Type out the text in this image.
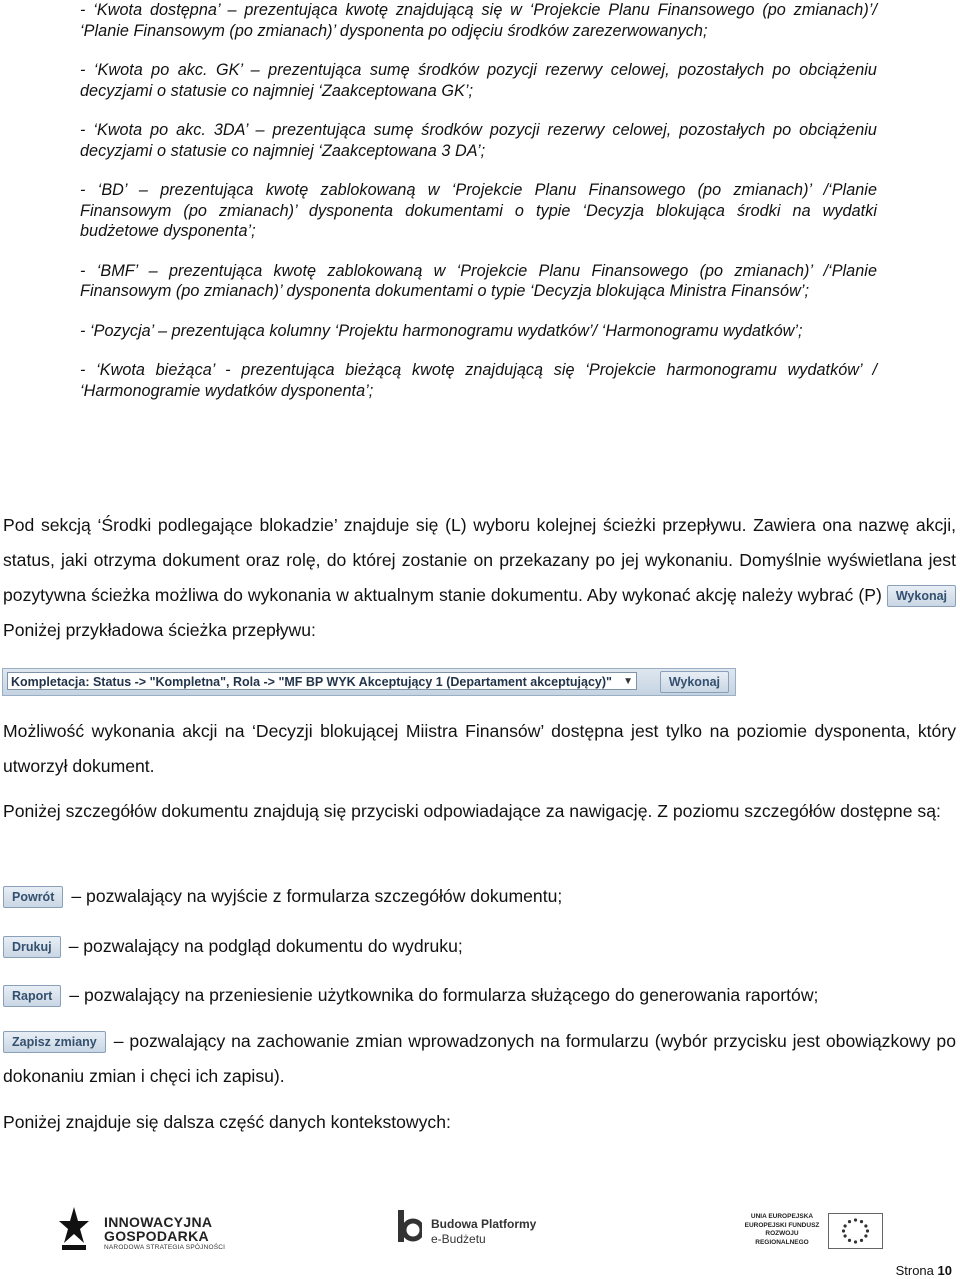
- ‘Kwota dostępna’ – prezentująca kwotę znajdującą się w ‘Projekcie Planu Finansowego (po zmianach)’/ ‘Planie Finansowym (po zmianach)’ dysponenta po odjęciu środków zarezerwowanych;

- ‘Kwota po akc. GK’ – prezentująca sumę środków pozycji rezerwy celowej, pozostałych po obciążeniu decyzjami o statusie co najmniej ‘Zaakceptowana GK’;

- ‘Kwota po akc. 3DA’ – prezentująca sumę środków pozycji rezerwy celowej, pozostałych po obciążeniu decyzjami o statusie co najmniej ‘Zaakceptowana 3 DA’;

- ‘BD’ – prezentująca kwotę zablokowaną w ‘Projekcie Planu Finansowego (po zmianach)’ /‘Planie Finansowym (po zmianach)’ dysponenta dokumentami o typie ‘Decyzja blokująca środki na wydatki budżetowe dysponenta’;

- ‘BMF’ – prezentująca kwotę zablokowaną w ‘Projekcie Planu Finansowego (po zmianach)’ /‘Planie Finansowym (po zmianach)’ dysponenta dokumentami o typie ‘Decyzja blokująca Ministra Finansów’;

- ‘Pozycja’ – prezentująca kolumny ‘Projektu harmonogramu wydatków’/ ‘Harmonogramu wydatków’;

- ‘Kwota bieżąca’ - prezentująca bieżącą kwotę znajdującą się ‘Projekcie harmonogramu wydatków’ / ‘Harmonogramie wydatków dysponenta’;

Pod sekcją ‘Środki podlegające blokadzie’ znajduje się (L) wyboru kolejnej ścieżki przepływu. Zawiera ona nazwę akcji, status, jaki otrzyma dokument oraz rolę, do której zostanie on przekazany po jej wykonaniu. Domyślnie wyświetlana jest pozytywna ścieżka możliwa do wykonania w aktualnym stanie dokumentu. Aby wykonać akcję należy wybrać (P) Wykonaj Poniżej przykładowa ścieżka przepływu:

Kompletacja: Status -> "Kompletna", Rola -> "MF BP WYK Akceptujący 1 (Departament akceptujący)" ▼	Wykonaj

Możliwość wykonania akcji na ‘Decyzji blokującej Miistra Finansów’ dostępna jest tylko na poziomie dysponenta, który utworzył dokument.

Poniżej szczegółów dokumentu znajdują się przyciski odpowiadające za nawigację. Z poziomu szczegółów dostępne są:

Powrót – pozwalający na wyjście z formularza szczegółów dokumentu;
Drukuj – pozwalający na podgląd dokumentu do wydruku;
Raport – pozwalający na przeniesienie użytkownika do formularza służącego do generowania raportów;
Zapisz zmiany – pozwalający na zachowanie zmian wprowadzonych na formularzu (wybór przycisku jest obowiązkowy po dokonaniu zmian i chęci ich zapisu).
Poniżej znajduje się dalsza część danych kontekstowych:
INNOWACYJNA
GOSPODARKA
NARODOWA STRATEGIA SPÓJNOŚCI
Budowa Platformy
e-Budżetu
UNIA EUROPEJSKA EUROPEJSKI FUNDUSZ ROZWOJU REGIONALNEGO
Strona 10
